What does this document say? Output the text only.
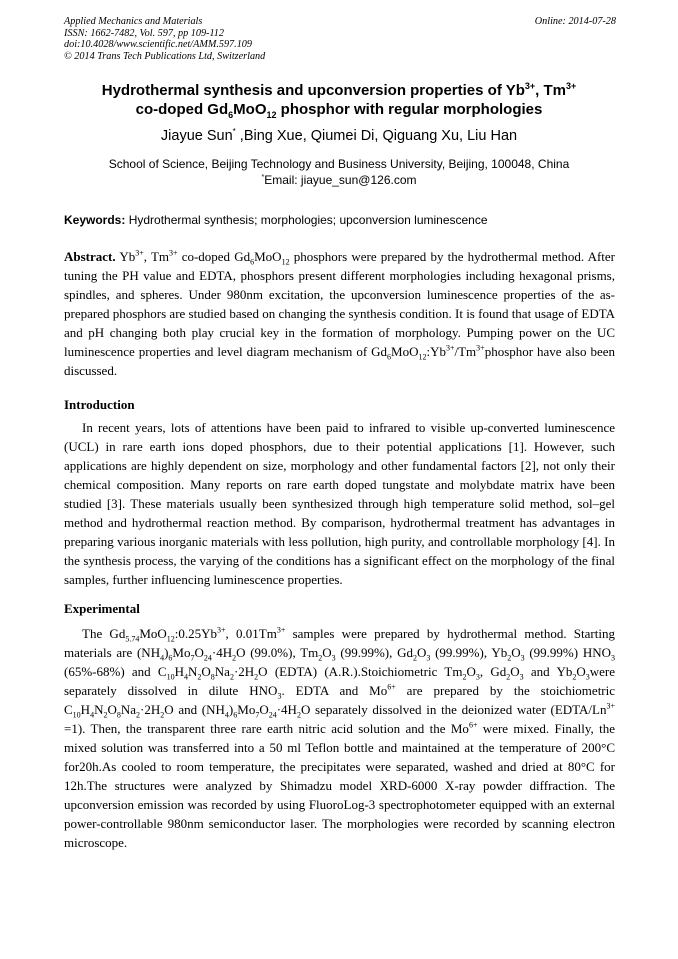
Applied Mechanics and Materials
ISSN: 1662-7482, Vol. 597, pp 109-112
doi:10.4028/www.scientific.net/AMM.597.109
© 2014 Trans Tech Publications Ltd, Switzerland
Online: 2014-07-28
Hydrothermal synthesis and upconversion properties of $Yb^{3+}$, $Tm^{3+}$
co-doped $Gd_6MoO_{12}$ phosphor with regular morphologies
Jiayue Sun* ,Bing Xue, Qiumei Di, Qiguang Xu, Liu Han
School of Science, Beijing Technology and Business University, Beijing, 100048, China
*Email: jiayue_sun@126.com
Keywords: Hydrothermal synthesis; morphologies; upconversion luminescence
Abstract. $Yb^{3+}$, $Tm^{3+}$ co-doped $Gd_6MoO_{12}$ phosphors were prepared by the hydrothermal method. After tuning the PH value and EDTA, phosphors present different morphologies including hexagonal prisms, spindles, and spheres. Under 980nm excitation, the upconversion luminescence properties of the as-prepared phosphors are studied based on changing the synthesis condition. It is found that usage of EDTA and pH changing both play crucial key in the formation of morphology. Pumping power on the UC luminescence properties and level diagram mechanism of $Gd_6MoO_{12}:Yb^{3+}/Tm^{3+}phosphor$ have also been discussed.
Introduction
In recent years, lots of attentions have been paid to infrared to visible up-converted luminescence (UCL) in rare earth ions doped phosphors, due to their potential applications [1]. However, such applications are highly dependent on size, morphology and other fundamental factors [2], not only their chemical composition. Many reports on rare earth doped tungstate and molybdate matrix have been studied [3]. These materials usually been synthesized through high temperature solid method, sol–gel method and hydrothermal reaction method. By comparison, hydrothermal treatment has advantages in preparing various inorganic materials with less pollution, high purity, and controllable morphology [4]. In the synthesis process, the varying of the conditions has a significant effect on the morphology of the final samples, further influencing luminescence properties.
Experimental
The $Gd_{5.74}MoO_{12}:0.25Yb^{3+}$, $0.01Tm^{3+}$ samples were prepared by hydrothermal method. Starting materials are $(NH_4)_6Mo_7O_{24}\cdot 4H_2O$ (99.0%), $Tm_2O_3$ (99.99%), $Gd_2O_3$ (99.99%), $Yb_2O_3$ (99.99%) $HNO_3$ (65%-68%) and $C_{10}H_4N_2O_8Na_2\cdot 2H_2O$ (EDTA) (A.R.).Stoichiometric $Tm_2O_3$, $Gd_2O_3$ and $Yb_2O_3were$ separately dissolved in dilute $HNO_3$. EDTA and $Mo^{6+}$ are prepared by the stoichiometric $C_{10}H_4N_2O_8Na_2\cdot 2H_2O$ and $(NH_4)_6Mo_7O_{24}\cdot 4H_2O$ separately dissolved in the deionized water $(EDTA/Ln^{3+} =1)$. Then, the transparent three rare earth nitric acid solution and the $Mo^{6+}$ were mixed. Finally, the mixed solution was transferred into a 50 ml Teflon bottle and maintained at the temperature of 200°C for20h.As cooled to room temperature, the precipitates were separated, washed and dried at 80°C for 12h.The structures were analyzed by Shimadzu model XRD-6000 X-ray powder diffraction. The upconversion emission was recorded by using FluoroLog-3 spectrophotometer equipped with an external power-controllable 980nm semiconductor laser. The morphologies were recorded by scanning electron microscope.
